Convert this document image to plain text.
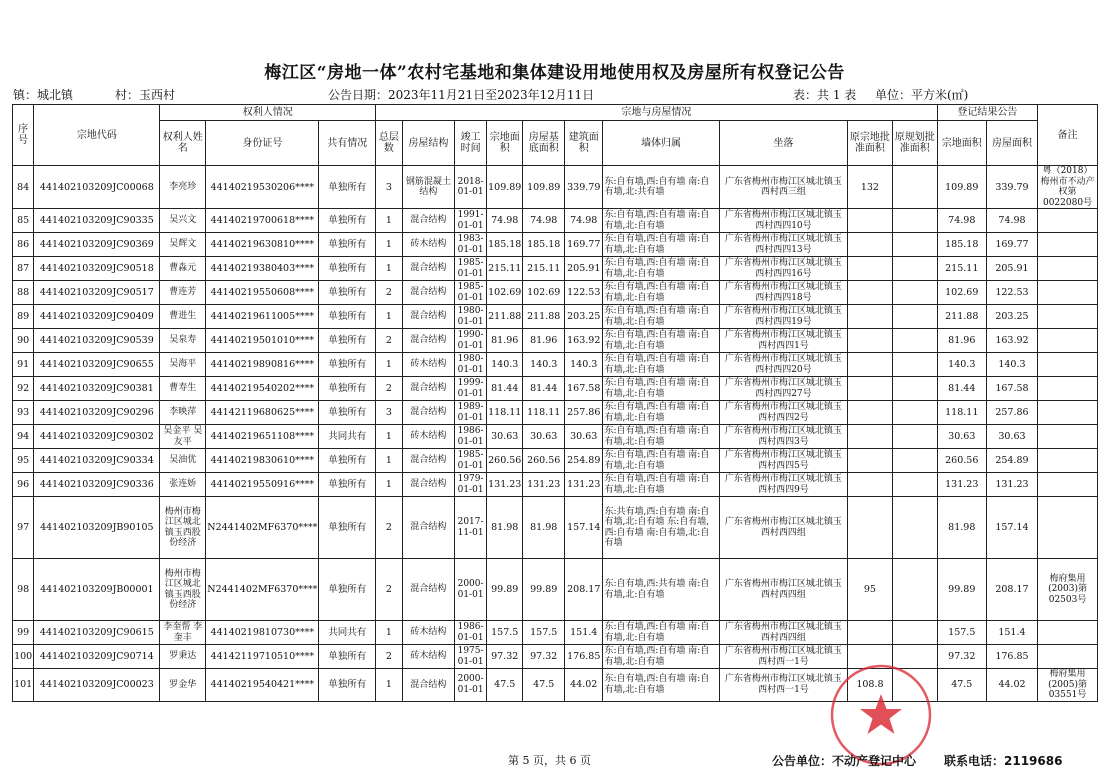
梅江区“房地一体”农村宅基地和集体建设用地使用权及房屋所有权登记公告
镇：城北镇	村：玉西村	公告日期：2023年11月21日至2023年12月11日	表：共 1 表 单位：平方米(㎡)
序号	宗地代码	权利人情况			宗地与房屋情况										登记结果公告		备注
		权利人姓名	身份证号	共有情况	总层数	房屋结构	竣工时间	宗地面积	房屋基底面积	建筑面积	墙体归属	坐落	原宗地批准面积	原规划批准面积	宗地面积	房屋面积	
84	441402103209JC00068	李亮珍	44140219530206****	单独所有	3	钢筋混凝土结构	2018-01-01	109.89	109.89	339.79	东:自有墙,西:自有墙 南:自有墙,北:共有墙	广东省梅州市梅江区城北镇玉西村西三组	132		109.89	339.79	粤（2018）梅州市不动产权第0022080号
85	441402103209JC90335	吴兴文	44140219700618****	单独所有	1	混合结构	1991-01-01	74.98	74.98	74.98	东:自有墙,西:自有墙 南:自有墙,北:自有墙	广东省梅州市梅江区城北镇玉西村西四10号			74.98	74.98	
86	441402103209JC90369	吴辉文	44140219630810****	单独所有	1	砖木结构	1983-01-01	185.18	185.18	169.77	东:自有墙,西:自有墙 南:自有墙,北:自有墙	广东省梅州市梅江区城北镇玉西村西四13号			185.18	169.77	
87	441402103209JC90518	曹淼元	44140219380403****	单独所有	1	混合结构	1985-01-01	215.11	215.11	205.91	东:自有墙,西:自有墙 南:自有墙,北:自有墙	广东省梅州市梅江区城北镇玉西村西四16号			215.11	205.91	
88	441402103209JC90517	曹连芳	44140219550608****	单独所有	2	混合结构	1985-01-01	102.69	102.69	122.53	东:自有墙,西:自有墙 南:自有墙,北:自有墙	广东省梅州市梅江区城北镇玉西村西四18号			102.69	122.53	
89	441402103209JC90409	曹进生	44140219611005****	单独所有	1	混合结构	1980-01-01	211.88	211.88	203.25	东:自有墙,西:自有墙 南:自有墙,北:自有墙	广东省梅州市梅江区城北镇玉西村西四19号			211.88	203.25	
90	441402103209JC90539	吴泉寿	44140219501010****	单独所有	2	混合结构	1990-01-01	81.96	81.96	163.92	东:自有墙,西:自有墙 南:自有墙,北:自有墙	广东省梅州市梅江区城北镇玉西村西四1号			81.96	163.92	
91	441402103209JC90655	吴海平	44140219890816****	单独所有	1	砖木结构	1980-01-01	140.3	140.3	140.3	东:自有墙,西:自有墙 南:自有墙,北:自有墙	广东省梅州市梅江区城北镇玉西村西四20号			140.3	140.3	
92	441402103209JC90381	曹寿生	44140219540202****	单独所有	2	混合结构	1999-01-01	81.44	81.44	167.58	东:自有墙,西:自有墙 南:自有墙,北:自有墙	广东省梅州市梅江区城北镇玉西村西四27号			81.44	167.58	
93	441402103209JC90296	李映萍	44142119680625****	单独所有	3	混合结构	1989-01-01	118.11	118.11	257.86	东:自有墙,西:自有墙 南:自有墙,北:自有墙	广东省梅州市梅江区城北镇玉西村西四2号			118.11	257.86	
94	441402103209JC90302	吴金平 吴友平	44140219651108****	共同共有	1	砖木结构	1986-01-01	30.63	30.63	30.63	东:自有墙,西:自有墙 南:自有墙,北:自有墙	广东省梅州市梅江区城北镇玉西村西四3号			30.63	30.63	
95	441402103209JC90334	吴油优	44140219830610****	单独所有	1	混合结构	1985-01-01	260.56	260.56	254.89	东:自有墙,西:自有墙 南:自有墙,北:自有墙	广东省梅州市梅江区城北镇玉西村西四5号			260.56	254.89	
96	441402103209JC90336	张连娇	44140219550916****	单独所有	1	混合结构	1979-01-01	131.23	131.23	131.23	东:自有墙,西:自有墙 南:自有墙,北:自有墙	广东省梅州市梅江区城北镇玉西村西四9号			131.23	131.23	
97	441402103209JB90105	梅州市梅江区城北镇玉西股份经济	N2441402MF6370****	单独所有	2	混合结构	2017-11-01	81.98	81.98	157.14	东:共有墙,西:自有墙 南:自有墙,北:自有墙 东:自有墙,西:自有墙 南:自有墙,北:自有墙	广东省梅州市梅江区城北镇玉西村西四组			81.98	157.14	
98	441402103209JB00001	梅州市梅江区城北镇玉西股份经济	N2441402MF6370****	单独所有	2	混合结构	2000-01-01	99.89	99.89	208.17	东:自有墙,西:共有墙 南:自有墙,北:自有墙	广东省梅州市梅江区城北镇玉西村西四组	95		99.89	208.17	梅府集用(2003)第02503号
99	441402103209JC90615	李奎帮 李奎丰	44140219810730****	共同共有	1	砖木结构	1986-01-01	157.5	157.5	151.4	东:自有墙,西:自有墙 南:自有墙,北:自有墙	广东省梅州市梅江区城北镇玉西村西四组			157.5	151.4	
100	441402103209JC90714	罗秉达	44142119710510****	单独所有	2	砖木结构	1975-01-01	97.32	97.32	176.85	东:自有墙,西:自有墙 南:自有墙,北:自有墙	广东省梅州市梅江区城北镇玉西村西一1号			97.32	176.85	
101	441402103209JC00023	罗金华	44140219540421****	单独所有	1	混合结构	2000-01-01	47.5	47.5	44.02	东:自有墙,西:自有墙 南:自有墙,北:自有墙	广东省梅州市梅江区城北镇玉西村西一1号	108.8		47.5	44.02	梅府集用(2005)第03551号
第 5 页，共 6 页	公告单位：不动产登记中心 联系电话：2119686
